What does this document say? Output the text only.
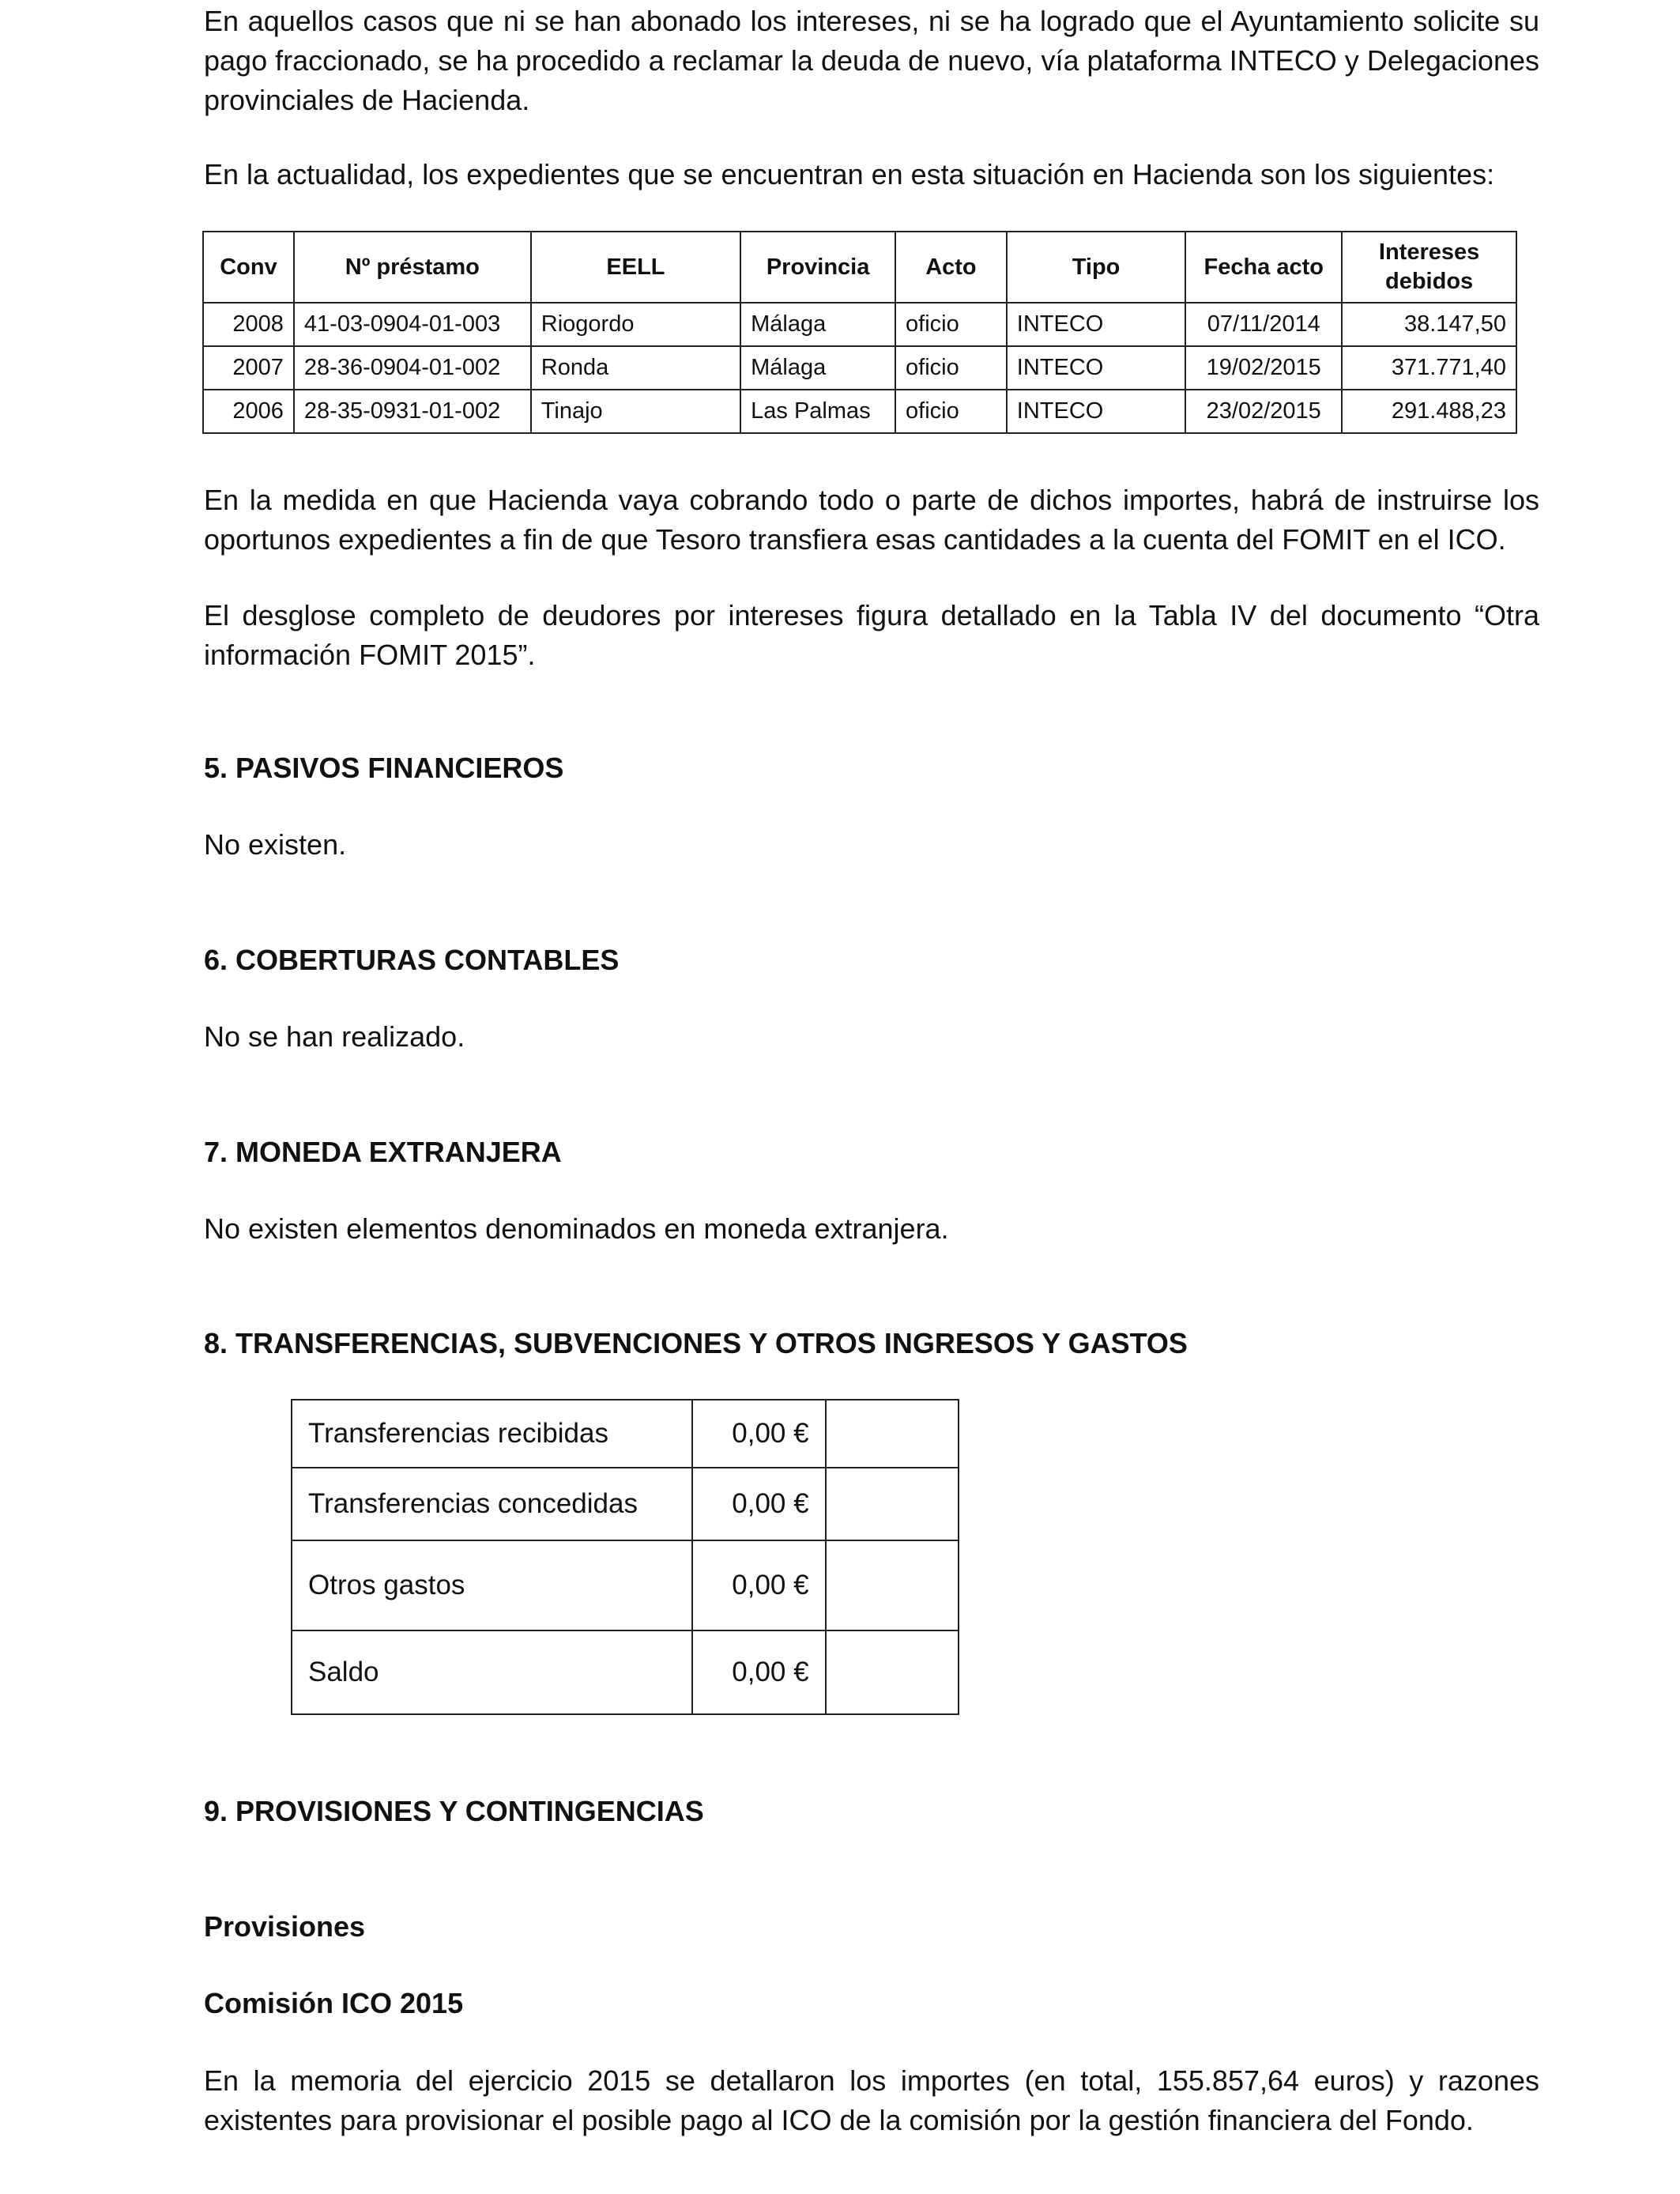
En aquellos casos que ni se han abonado los intereses, ni se ha logrado que el Ayuntamiento solicite su pago fraccionado, se ha procedido a reclamar la deuda de nuevo, vía plataforma INTECO y Delegaciones provinciales de Hacienda.

En la actualidad, los expedientes que se encuentran en esta situación en Hacienda son los siguientes:

Conv	Nº préstamo	EELL	Provincia	Acto	Tipo	Fecha acto	Intereses debidos
2008	41-03-0904-01-003	Riogordo	Málaga	oficio	INTECO	07/11/2014	38.147,50
2007	28-36-0904-01-002	Ronda	Málaga	oficio	INTECO	19/02/2015	371.771,40
2006	28-35-0931-01-002	Tinajo	Las Palmas	oficio	INTECO	23/02/2015	291.488,23

En la medida en que Hacienda vaya cobrando todo o parte de dichos importes, habrá de instruirse los oportunos expedientes a fin de que Tesoro transfiera esas cantidades a la cuenta del FOMIT en el ICO.

El desglose completo de deudores por intereses figura detallado en la Tabla IV del documento “Otra información FOMIT 2015”.

5. PASIVOS FINANCIEROS

No existen.

6. COBERTURAS CONTABLES

No se han realizado.

7. MONEDA EXTRANJERA

No existen elementos denominados en moneda extranjera.

8. TRANSFERENCIAS, SUBVENCIONES Y OTROS INGRESOS Y GASTOS
Transferencias recibidas	0,00 €	
Transferencias concedidas	0,00 €	
Otros gastos	0,00 €	
Saldo	0,00 €	
9. PROVISIONES Y CONTINGENCIAS
Provisiones
Comisión ICO 2015

En la memoria del ejercicio 2015 se detallaron los importes (en total, 155.857,64 euros) y razones existentes para provisionar el posible pago al ICO de la comisión por la gestión financiera del Fondo.
